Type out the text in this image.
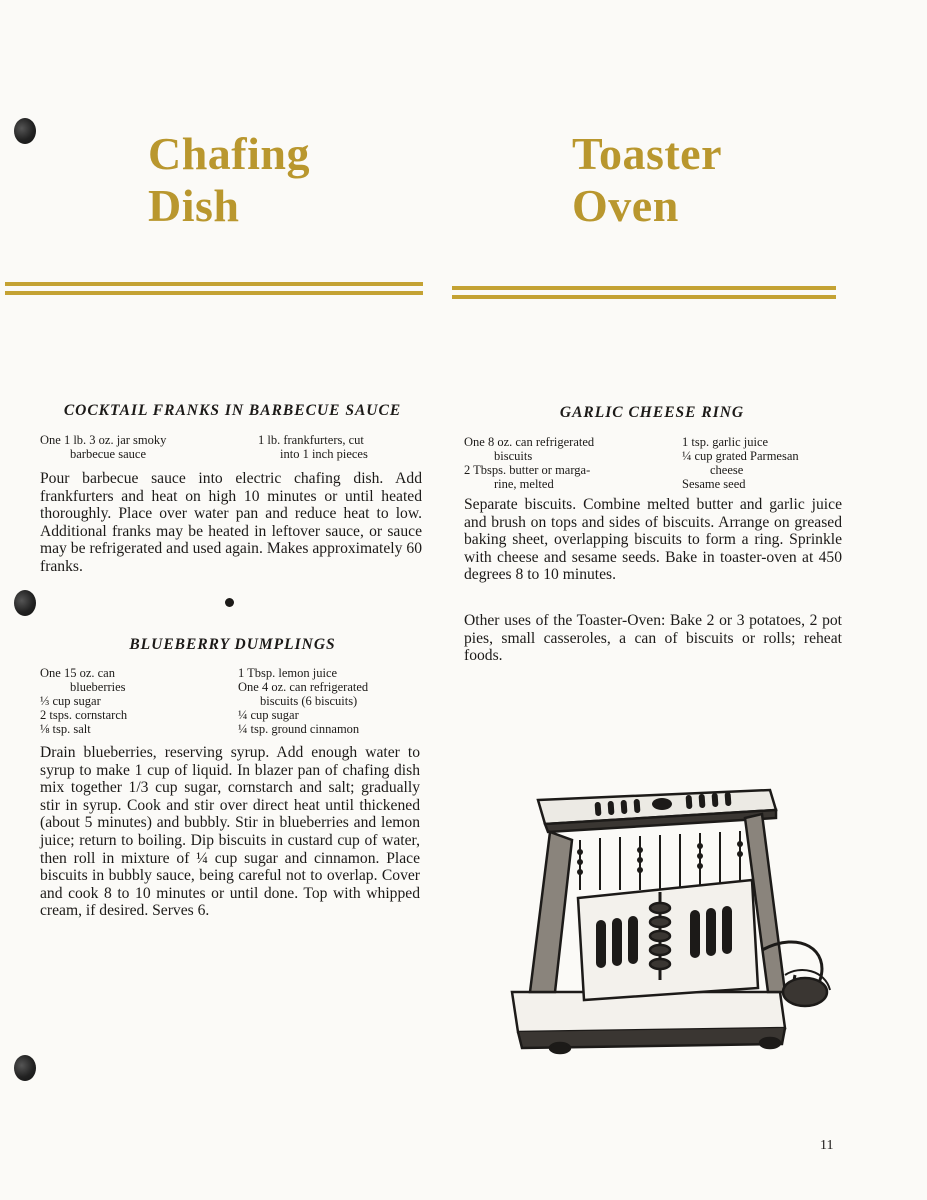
Chafing
Dish
COCKTAIL FRANKS IN BARBECUE SAUCE
One 1 lb. 3 oz. jar smoky
barbecue sauce
1 lb. frankfurters, cut
into 1 inch pieces

Pour barbecue sauce into electric chafing dish. Add frankfurters and heat on high 10 minutes or until heated thoroughly. Place over water pan and reduce heat to low. Additional franks may be heated in leftover sauce, or sauce may be refrigerated and used again. Makes approximately 60 franks.

BLUEBERRY DUMPLINGS
One 15 oz. can
blueberries
⅓ cup sugar
2 tsps. cornstarch
⅛ tsp. salt
1 Tbsp. lemon juice
One 4 oz. can refrigerated
biscuits (6 biscuits)
¼ cup sugar
¼ tsp. ground cinnamon

Drain blueberries, reserving syrup. Add enough water to syrup to make 1 cup of liquid. In blazer pan of chafing dish mix together 1/3 cup sugar, cornstarch and salt; gradually stir in syrup. Cook and stir over direct heat until thickened (about 5 minutes) and bubbly. Stir in blueberries and lemon juice; return to boiling. Dip biscuits in custard cup of water, then roll in mixture of ¼ cup sugar and cinnamon. Place biscuits in bubbly sauce, being careful not to overlap. Cover and cook 8 to 10 minutes or until done. Top with whipped cream, if desired. Serves 6.

Toaster
Oven
GARLIC CHEESE RING
One 8 oz. can refrigerated
biscuits
2 Tbsps. butter or marga-
rine, melted
1 tsp. garlic juice
¼ cup grated Parmesan
cheese
Sesame seed

Separate biscuits. Combine melted butter and garlic juice and brush on tops and sides of biscuits. Arrange on greased baking sheet, overlapping biscuits to form a ring. Sprinkle with cheese and sesame seeds. Bake in toaster-oven at 450 degrees 8 to 10 minutes.

Other uses of the Toaster-Oven: Bake 2 or 3 potatoes, 2 pot pies, small casseroles, a can of biscuits or rolls; reheat foods.

11
